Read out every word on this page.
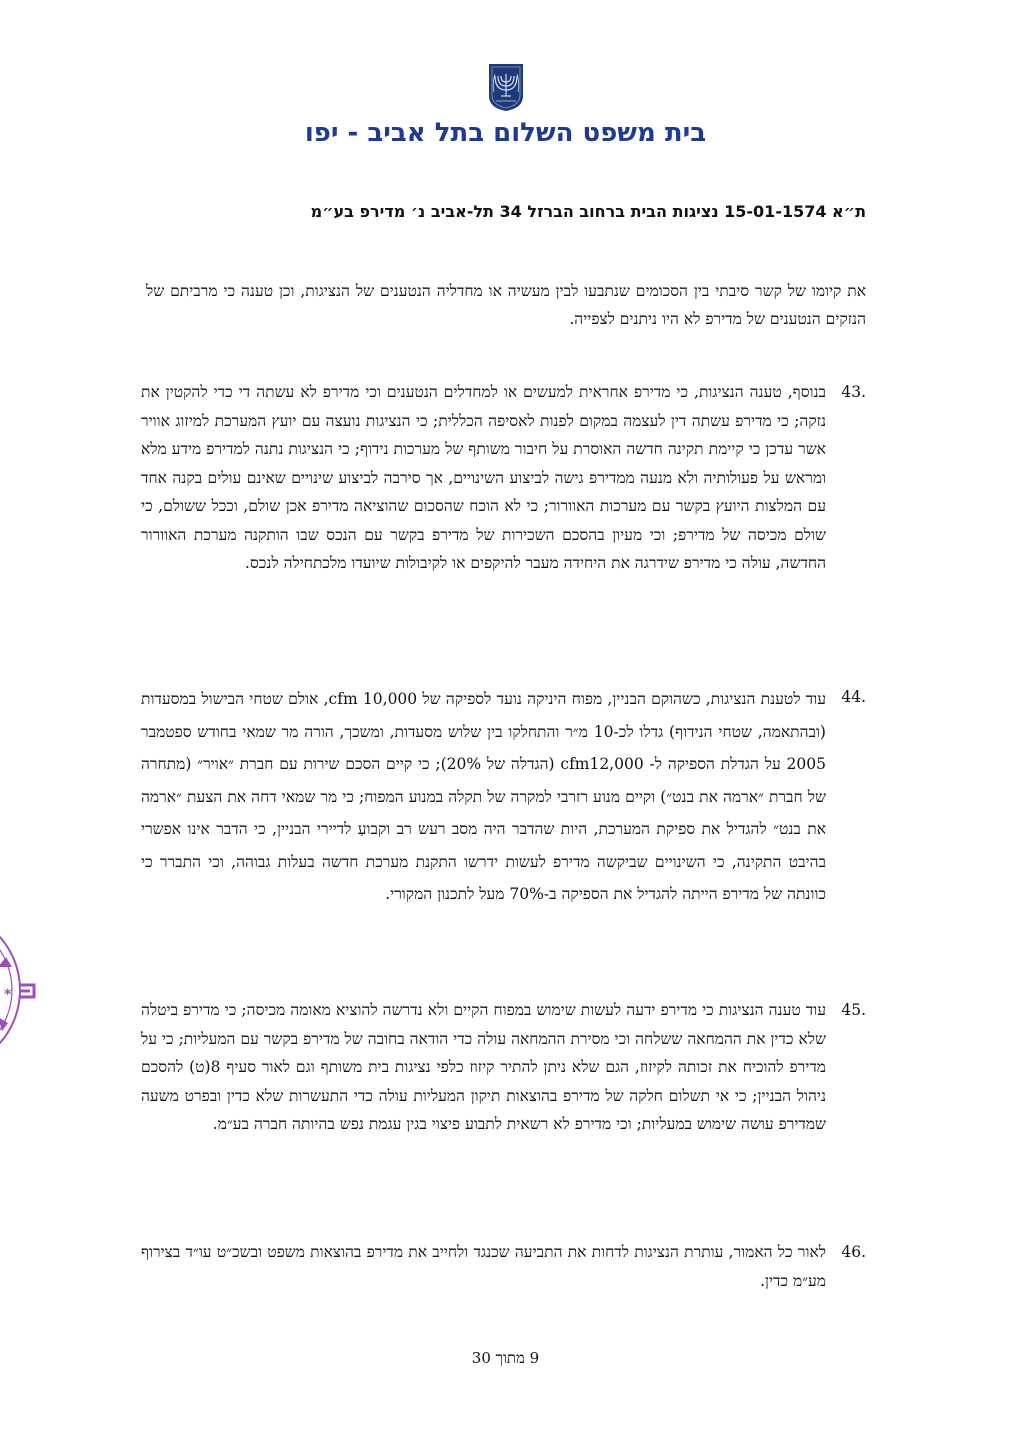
בית משפט השלום בתל אביב - יפו
ת״א 15-01-1574 נציגות הבית ברחוב הברזל 34 תל-אביב נ׳ מדירפ בע״מ
את קיומו של קשר סיבתי בין הסכומים שנתבעו לבין מעשיה או מחדליה הנטענים של הנציגות, וכן טענה כי מרביתם של הנזקים הנטענים של מדירפ לא היו ניתנים לצפייה.
43.
בנוסף, טענה הנציגות, כי מדירפ אחראית למעשים או למחדלים הנטענים וכי מדירפ לא עשתה די כדי להקטין את נזקה; כי מדירפ עשתה דין לעצמה במקום לפנות לאסיפה הכללית; כי הנציגות נועצה עם יועץ המערכת למיזוג אוויר אשר עדכן כי קיימת תקינה חדשה האוסרת על חיבור משותף של מערכות נידוף; כי הנציגות נתנה למדירפ מידע מלא ומראש על פעולותיה ולא מנעה ממדירפ גישה לביצוע השינויים, אך סירבה לביצוע שינויים שאינם עולים בקנה אחד עם המלצות היועץ בקשר עם מערכות האוורור; כי לא הוכח שהסכום שהוציאה מדירפ אכן שולם, וככל ששולם, כי שולם מכיסה של מדירפ; וכי מעיון בהסכם השכירות של מדירפ בקשר עם הנכס שבו הותקנה מערכת האוורור החדשה, עולה כי מדירפ שידרגה את היחידה מעבר להיקפים או לקיבולות שיועדו מלכתחילה לנכס.
44.
עוד לטענת הנציגות, כשהוקם הבניין, מפוח היניקה נועד לספיקה של cfm 10,000, אולם שטחי הבישול במסעדות (ובהתאמה, שטחי הנידוף) גדלו לכ-10 מ״ר והתחלקו בין שלוש מסעדות, ומשכך, הורה מר שמאי בחודש ספטמבר 2005 על הגדלת הספיקה ל- cfm12,000 (הגדלה של 20%); כי קיים הסכם שירות עם חברת ״אויר״ (מתחרה של חברת ״ארמה את בנט״) וקיים מנוע רזרבי למקרה של תקלה במנוע המפוח; כי מר שמאי דחה את הצעת ״ארמה את בנט״ להגדיל את ספיקת המערכת, היות שהדבר היה מסב רעש רב וקבועַ לדיירי הבניין, כי הדבר אינו אפשרי בהיבט התקינה, כי השינויים שביקשה מדירפ לעשות ידרשו התקנת מערכת חדשה בעלות גבוהה, וכי התברר כי כוונתה של מדירפ הייתה להגדיל את הספיקה ב-70% מעל לתכנון המקורי.
45.
עוד טענה הנציגות כי מדירפ ידעה לעשות שימוש במפוח הקיים ולא נדרשה להוציא מאומה מכיסה; כי מדירפ ביטלה שלא כדין את ההמחאה ששלחה וכי מסירת ההמחאה עולה כדי הודאה בחובה של מדירפ בקשר עם המעליות; כי על מדירפ להוכיח את זכותה לקיזוז, הגם שלא ניתן להתיר קיזוז כלפי נציגות בית משותף וגם לאור סעיף 8(ט) להסכם ניהול הבניין; כי אי תשלום חלקה של מדירפ בהוצאות תיקון המעליות עולה כדי התעשרות שלא כדין ובפרט משעה שמדירפ עושה שימוש במעליות; וכי מדירפ לא רשאית לתבוע פיצוי בגין עגמת נפש בהיותה חברה בע״מ.
46.
לאור כל האמור, עותרת הנציגות לדחות את התביעה שכנגד ולחייב את מדירפ בהוצאות משפט ובשכ״ט עו״ד בצירוף מע״מ כדין.
9 מתוך 30
*
